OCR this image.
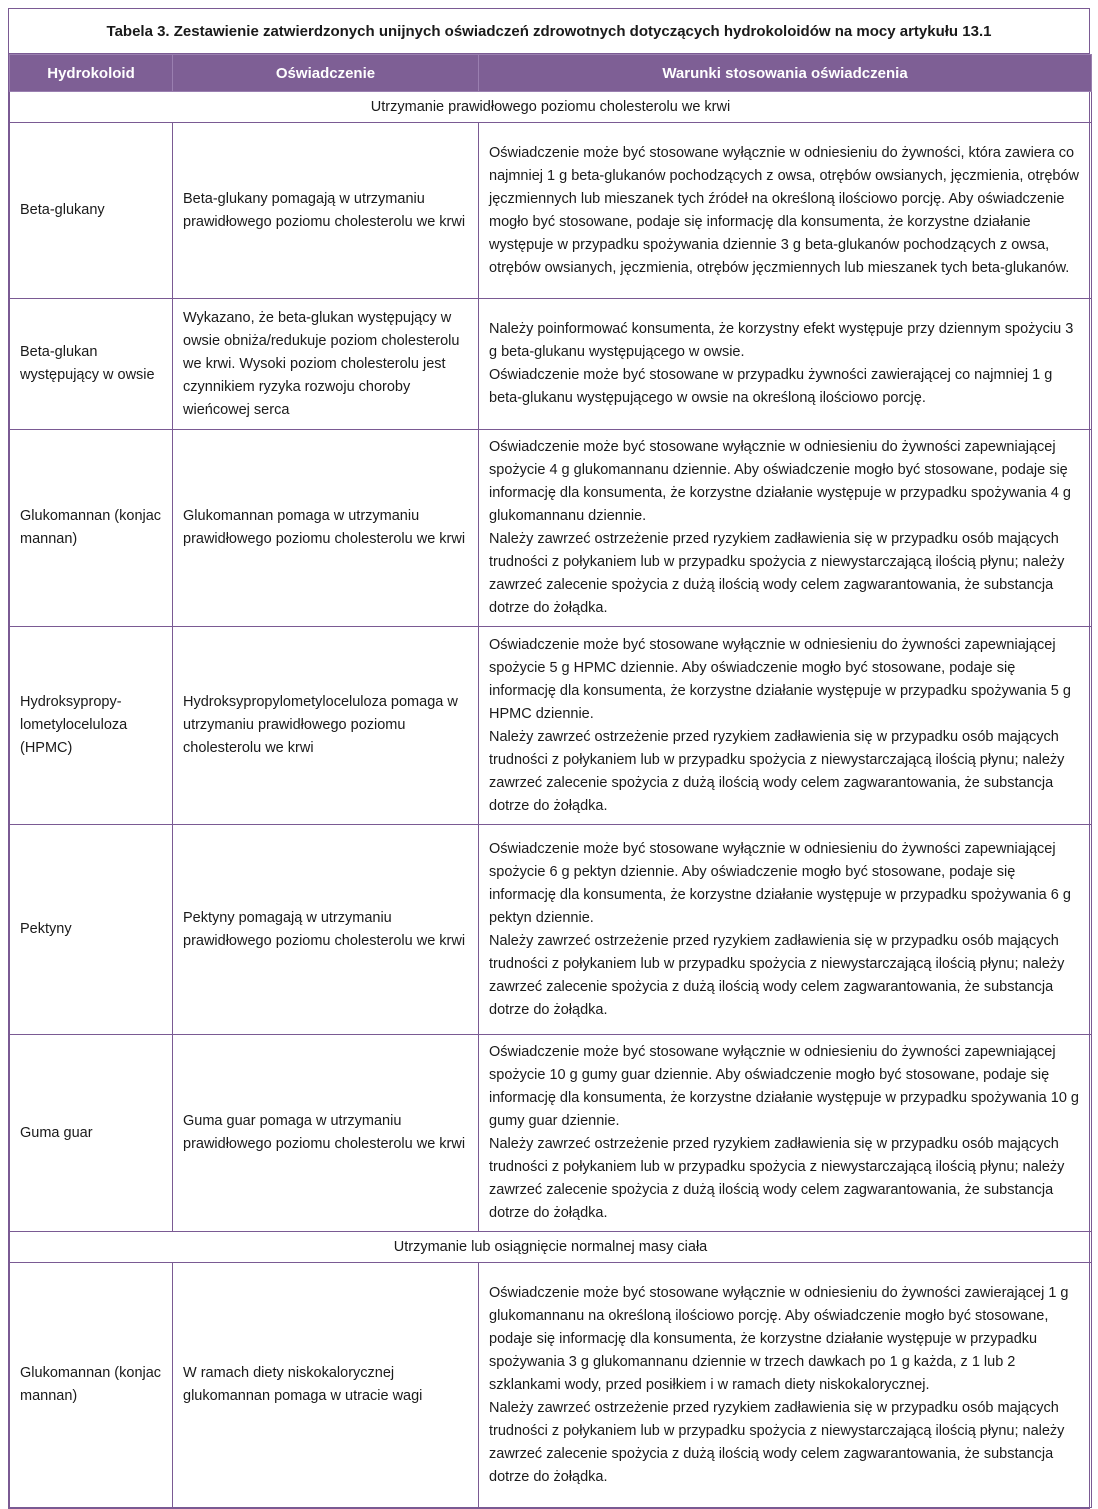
Tabela 3. Zestawienie zatwierdzonych unijnych oświadczeń zdrowotnych dotyczących hydrokoloidów na mocy artykułu 13.1
Hydrokoloid	Oświadczenie	Warunki stosowania oświadczenia
Utrzymanie prawidłowego poziomu cholesterolu we krwi		
Beta-glukany	Beta-glukany pomagają w utrzymaniu prawidłowego poziomu cholesterolu we krwi	Oświadczenie może być stosowane wyłącznie w odniesieniu do żywności, która zawiera co najmniej 1 g beta-glukanów pochodzących z owsa, otrębów owsianych, jęczmienia, otrębów jęczmiennych lub mieszanek tych źródeł na określoną ilościowo porcję. Aby oświadczenie mogło być stosowane, podaje się informację dla konsumenta, że korzystne działanie występuje w przypadku spożywania dziennie 3 g beta-glukanów pochodzących z owsa, otrębów owsianych, jęczmienia, otrębów jęczmiennych lub mieszanek tych beta-glukanów.
Beta-glukan występujący w owsie	Wykazano, że beta-glukan występujący w owsie obniża/redukuje poziom cholesterolu we krwi. Wysoki poziom cholesterolu jest czynnikiem ryzyka rozwoju choroby wieńcowej serca	Należy poinformować konsumenta, że korzystny efekt występuje przy dziennym spożyciu 3 g beta-glukanu występującego w owsie.
Oświadczenie może być stosowane w przypadku żywności zawierającej co najmniej 1 g beta-glukanu występującego w owsie na określoną ilościowo porcję.

Glukomannan (konjac mannan)	Glukomannan pomaga w utrzymaniu prawidłowego poziomu cholesterolu we krwi	Oświadczenie może być stosowane wyłącznie w odniesieniu do żywności zapewniającej spożycie 4 g glukomannanu dziennie. Aby oświadczenie mogło być stosowane, podaje się informację dla konsumenta, że korzystne działanie występuje w przypadku spożywania 4 g glukomannanu dziennie.
Należy zawrzeć ostrzeżenie przed ryzykiem zadławienia się w przypadku osób mających trudności z połykaniem lub w przypadku spożycia z niewystarczającą ilością płynu; należy zawrzeć zalecenie spożycia z dużą ilością wody celem zagwarantowania, że substancja dotrze do żołądka.

Hydroksypropy-lometyloceluloza (HPMC)	Hydroksypropylometyloceluloza pomaga w utrzymaniu prawidłowego poziomu cholesterolu we krwi	Oświadczenie może być stosowane wyłącznie w odniesieniu do żywności zapewniającej spożycie 5 g HPMC dziennie. Aby oświadczenie mogło być stosowane, podaje się informację dla konsumenta, że korzystne działanie występuje w przypadku spożywania 5 g HPMC dziennie.
Należy zawrzeć ostrzeżenie przed ryzykiem zadławienia się w przypadku osób mających trudności z połykaniem lub w przypadku spożycia z niewystarczającą ilością płynu; należy zawrzeć zalecenie spożycia z dużą ilością wody celem zagwarantowania, że substancja dotrze do żołądka.

Pektyny	Pektyny pomagają w utrzymaniu prawidłowego poziomu cholesterolu we krwi	Oświadczenie może być stosowane wyłącznie w odniesieniu do żywności zapewniającej spożycie 6 g pektyn dziennie. Aby oświadczenie mogło być stosowane, podaje się informację dla konsumenta, że korzystne działanie występuje w przypadku spożywania 6 g pektyn dziennie.
Należy zawrzeć ostrzeżenie przed ryzykiem zadławienia się w przypadku osób mających trudności z połykaniem lub w przypadku spożycia z niewystarczającą ilością płynu; należy zawrzeć zalecenie spożycia z dużą ilością wody celem zagwarantowania, że substancja dotrze do żołądka.

Guma guar	Guma guar pomaga w utrzymaniu prawidłowego poziomu cholesterolu we krwi	Oświadczenie może być stosowane wyłącznie w odniesieniu do żywności zapewniającej spożycie 10 g gumy guar dziennie. Aby oświadczenie mogło być stosowane, podaje się informację dla konsumenta, że korzystne działanie występuje w przypadku spożywania 10 g gumy guar dziennie.
Należy zawrzeć ostrzeżenie przed ryzykiem zadławienia się w przypadku osób mających trudności z połykaniem lub w przypadku spożycia z niewystarczającą ilością płynu; należy zawrzeć zalecenie spożycia z dużą ilością wody celem zagwarantowania, że substancja dotrze do żołądka.

Utrzymanie lub osiągnięcie normalnej masy ciała		
Glukomannan (konjac mannan)	W ramach diety niskokalorycznej glukomannan pomaga w utracie wagi	Oświadczenie może być stosowane wyłącznie w odniesieniu do żywności zawierającej 1 g glukomannanu na określoną ilościowo porcję. Aby oświadczenie mogło być stosowane, podaje się informację dla konsumenta, że korzystne działanie występuje w przypadku spożywania 3 g glukomannanu dziennie w trzech dawkach po 1 g każda, z 1 lub 2 szklankami wody, przed posiłkiem i w ramach diety niskokalorycznej.
Należy zawrzeć ostrzeżenie przed ryzykiem zadławienia się w przypadku osób mających trudności z połykaniem lub w przypadku spożycia z niewystarczającą ilością płynu; należy zawrzeć zalecenie spożycia z dużą ilością wody celem zagwarantowania, że substancja dotrze do żołądka.
